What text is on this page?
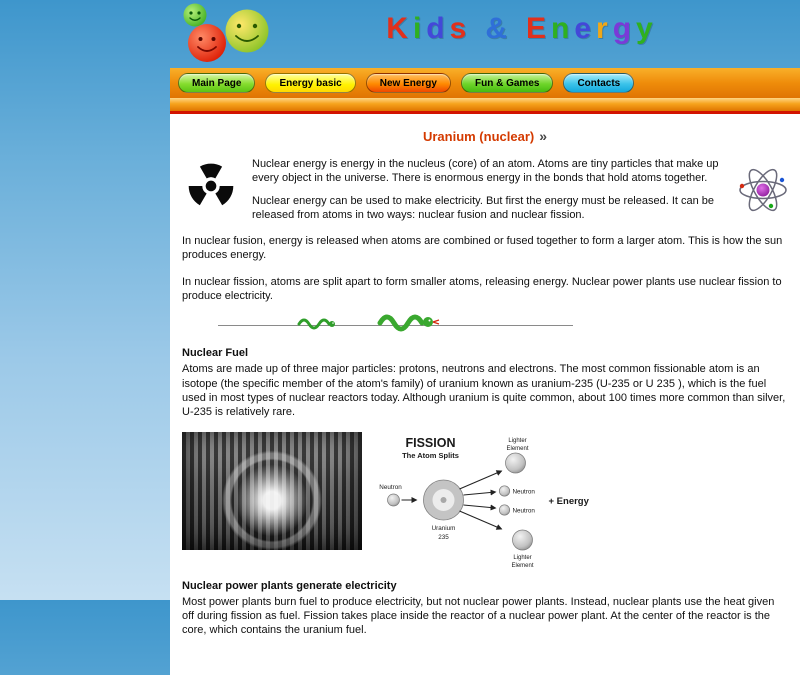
K i d s & E n e r g y
Main Page	Energy basic	New Energy	Fun & Games	Contacts
Uranium (nuclear) »

Nuclear energy is energy in the nucleus (core) of an atom. Atoms are tiny particles that make up every object in the universe. There is enormous energy in the bonds that hold atoms together.

Nuclear energy can be used to make electricity. But first the energy must be released. It can be released from atoms in two ways: nuclear fusion and nuclear fission.

In nuclear fusion, energy is released when atoms are combined or fused together to form a larger atom. This is how the sun produces energy.

In nuclear fission, atoms are split apart to form smaller atoms, releasing energy. Nuclear power plants use nuclear fission to produce electricity.

Nuclear Fuel

Atoms are made up of three major particles: protons, neutrons and electrons. The most common fissionable atom is an isotope (the specific member of the atom's family) of uranium known as uranium-235 (U-235 or U 235 ), which is the fuel used in most types of nuclear reactors today. Although uranium is quite common, about 100 times more common than silver, U-235 is relatively rare.

FISSION
The Atom Splits
Neutron
Uranium
235
Lighter
Element
Neutron
Neutron
+ Energy
Lighter
Element
Nuclear power plants generate electricity

Most power plants burn fuel to produce electricity, but not nuclear power plants. Instead, nuclear plants use the heat given off during fission as fuel. Fission takes place inside the reactor of a nuclear power plant. At the center of the reactor is the core, which contains the uranium fuel.
